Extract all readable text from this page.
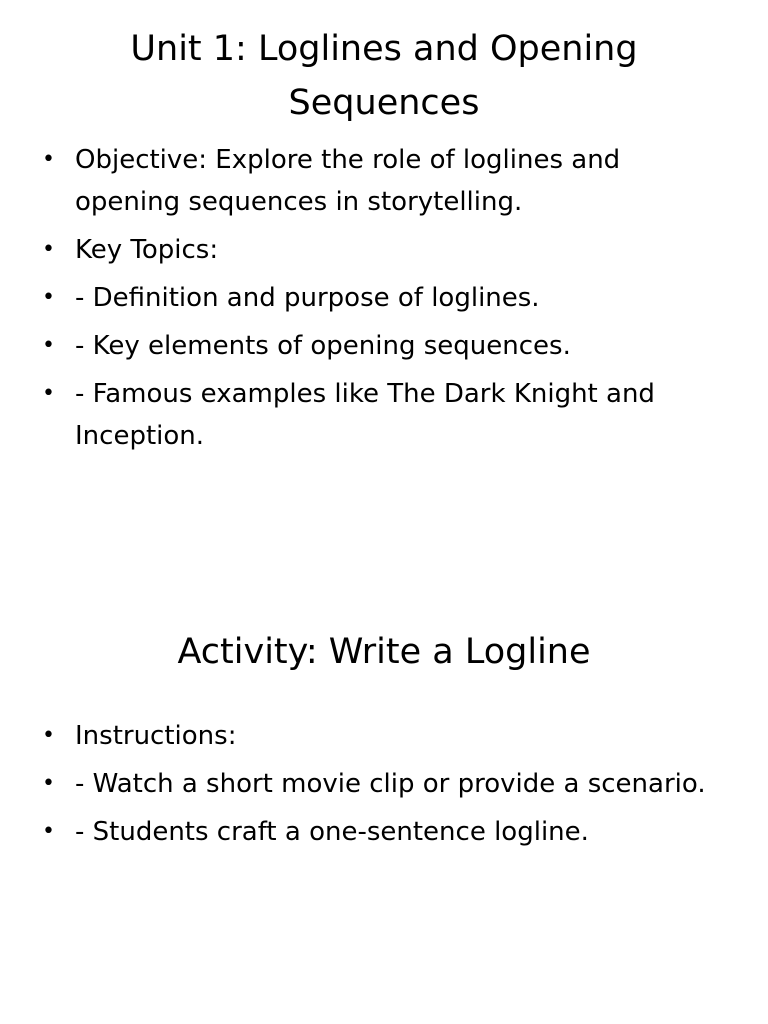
Unit 1: Loglines and Opening Sequences
• Objective: Explore the role of loglines and opening sequences in storytelling.
• Key Topics:
• - Definition and purpose of loglines.
• - Key elements of opening sequences.
• - Famous examples like The Dark Knight and Inception.
Activity: Write a Logline
• Instructions:
• - Watch a short movie clip or provide a scenario.
• - Students craft a one-sentence logline.
